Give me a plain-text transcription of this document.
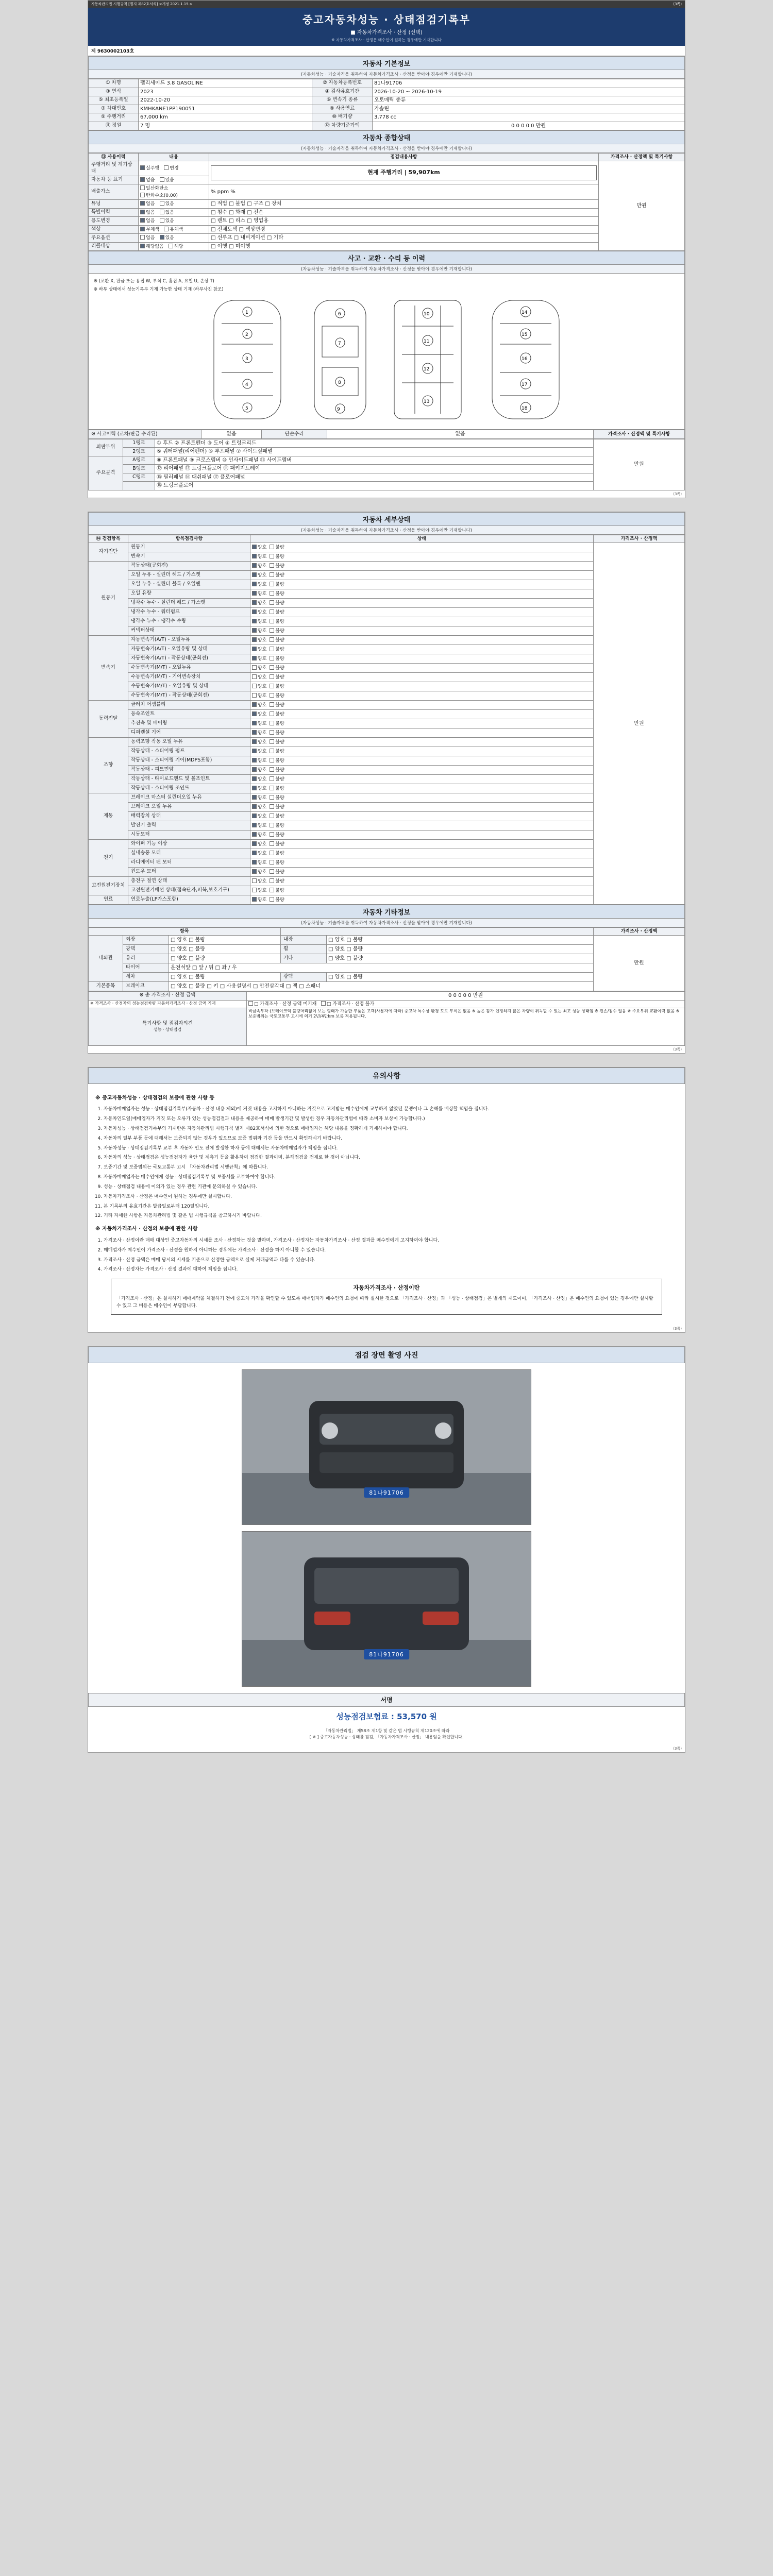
자동차관리법 시행규칙 [별지 제82호서식] <개정 2021.1.15.>	(3쪽)
중고자동차성능 · 상태점검기록부
■ 자동차가격조사 · 산정 (선택)
※ 자동차가격조사 · 산정은 매수인이 원하는 경우에만 기재합니다
제 9630002103호
자동차 기본정보
(자동차성능 · 기술자격을 취득하여 자동차가격조사 · 산정을 받아야 경우에만 기재합니다)
① 차명	팰리세이드 3.8 GASOLINE	② 자동차등록번호	81나91706
③ 연식	2023	④ 검사유효기간	2026-10-20 ~ 2026-10-19
⑤ 최초등록일	2022-10-20	⑥ 변속기 종류	오토매틱 종류
⑦ 차대번호	KMHKANE1PP190051	⑧ 사용연료	가솔린
⑨ 주행거리	67,000 km	⑩ 배기량	3,778 cc
⑪ 정원	7 명	⑫ 차량기준가액	0 0 0 0 0 만원
자동차 종합상태
(자동차성능 · 기술자격을 취득하여 자동차가격조사 · 산정을 받아야 경우에만 기재합니다)
⑬ 사용이력	내용	점검내용사항	가격조사 · 산정액 및 특기사항
주행거리 및 계기상태	실주행 변경	현재 주행거리 | 59,907km	만원
자동차 등 표기	없음 있음		
배출가스	일산화탄소 탄화수소(0.00)	% ppm %	
튜닝	없음 있음	□ 적법 □ 불법 □ 구조 □ 장치	
특별이력	없음 있음	□ 침수 □ 화재 □ 전손	
용도변경	없음 있음	□ 렌트 □ 리스 □ 영업용	
색상	무채색 유채색	□ 전체도색 □ 색상변경	
주요옵션	없음 있음	□ 선루프 □ 내비게이션 □ 기타	
리콜대상	해당없음 해당	□ 이행 □ 미이행	
사고 · 교환 · 수리 등 이력
(자동차성능 · 기술자격을 취득하여 자동차가격조사 · 산정을 받아야 경우에만 기재합니다)
※ (교환 X, 판금 또는 용접 W, 부식 C, 흠집 A, 요철 U, 손상 T)
※ 하부 상태에서 성능기록부 기재 가능한 상태 기재 (하부사진 참조)
1
2
3
4
5
6
7
8
9
10
11
12
13
14
15
16
17
18
※ 사고이력 (교차/판금 수리된)	없음	단순수리	없음	가격조사 · 산정액 및 특기사항
외판부위	1랭크	① 후드 ② 프론트펜더 ③ 도어 ④ 트렁크리드	만원
	2랭크	⑤ 쿼터패널(리어펜더) ⑥ 루프패널 ⑦ 사이드실패널	
주요골격	A랭크	⑧ 프론트패널 ⑨ 크로스멤버 ⑩ 인사이드패널 ⑪ 사이드멤버	
	B랭크	⑫ 리어패널 ⑬ 트렁크플로어 ⑭ 패키지트레이	
	C랭크	⑮ 필러패널 ⑯ 대쉬패널 ⑰ 플로어패널	
		⑱ 트렁크플로어	
(3쪽)
자동차 세부상태
(자동차성능 · 기술자격을 취득하여 자동차가격조사 · 산정을 받아야 경우에만 기재합니다)
⑭ 검검항목	항목점검사항	상태	가격조사 · 산정액
자기진단	원동기	양호 불량	만원
	변속기	양호 불량	
원동기	작동상태(공회전)	양호 불량	
	오일 누유 - 실린더 헤드 / 가스켓	양호 불량	
	오일 누유 - 실린더 블록 / 오일팬	양호 불량	
	오일 유량	양호 불량	
	냉각수 누수 - 실린더 헤드 / 가스켓	양호 불량	
	냉각수 누수 - 워터펌프	양호 불량	
	냉각수 누수 - 냉각수 수량	양호 불량	
	커넥터상태	양호 불량	
변속기	자동변속기(A/T) - 오일누유	양호 불량	
	자동변속기(A/T) - 오일유량 및 상태	양호 불량	
	자동변속기(A/T) - 작동상태(공회전)	양호 불량	
	수동변속기(M/T) - 오일누유	양호 불량	
	수동변속기(M/T) - 기어변속장치	양호 불량	
	수동변속기(M/T) - 오일유량 및 상태	양호 불량	
	수동변속기(M/T) - 작동상태(공회전)	양호 불량	
동력전달	클러치 어셈블리	양호 불량	
	등속조인트	양호 불량	
	추진축 및 베어링	양호 불량	
	디퍼렌셜 기어	양호 불량	
조향	동력조향 작동 오일 누유	양호 불량	
	작동상태 - 스티어링 펌프	양호 불량	
	작동상태 - 스티어링 기어(MDPS포함)	양호 불량	
	작동상태 - 피트먼암	양호 불량	
	작동상태 - 타이로드엔드 및 볼조인트	양호 불량	
	작동상태 - 스티어링 조인트	양호 불량	
제동	브레이크 마스터 실린더오일 누유	양호 불량	
	브레이크 오일 누유	양호 불량	
	배력장치 상태	양호 불량	
	발진기 출력	양호 불량	
	시동모터	양호 불량	
전기	와이퍼 기능 이상	양호 불량	
	실내송풍 모터	양호 불량	
	라디에이터 팬 모터	양호 불량	
	윈도우 모터	양호 불량	
고전원전기장치	충전구 절연 상태	양호 불량	
	고전원전기배선 상태(접속단자,피복,보호기구)	양호 불량	
연료	연료누출(LP가스포함)	양호 불량	
자동차 기타정보
(자동차성능 · 기술자격을 취득하여 자동차가격조사 · 산정을 받아야 경우에만 기재합니다)
항목					가격조사 · 산정액
내외관	외장	□ 양호 □ 불량	내장	□ 양호 □ 불량	만원
	광택	□ 양호 □ 불량	휠	□ 양호 □ 불량	
	유리	□ 양호 □ 불량	기타	□ 양호 □ 불량	
	타이어	운전석앞 □ 앞 / 뒤 □ 좌 / 우			
	세차	□ 양호 □ 불량	광택	□ 양호 □ 불량	
기본품목	브레이크	□ 양호 □ 불량 □ 키 □ 사용설명서 □ 안전삼각대 □ 잭 □ 스패너			
※ 총 가격조사 · 산정 금액	0 0 0 0 0 만원
※ 가격조사 · 산정자의 성능점검차량 자동차가격조사 · 산정 금액 기재	□ 가격조사 · 산정 금액 미기재 □ 가격조사 · 산정 불가

특기사항 및 점검자의견
성능 · 상태점검	비금속부착 (브레이크액 불량처리없이 보는 형태가 가능한 부품은 고객(사용자에 따라) 중고차 특수상 환경 도로 부식은 없음 ※ 높은 감가 인정하지 않은 차량이 취득할 수 있는 최고 성능 상태임 ※ 전손/침수 없음 ※ 주요부위 교환이력 없음 ※ 보증범위는 국토교통부 고시에 의거 2년/4만km 보증 적용됩니다.
(3쪽)
유의사항
※ 중고자동차성능 · 상태점검의 보증에 관한 사항 등
1. 자동차매매업자는 성능 · 상태점검기록부(자동차 · 산정 내용 제외)에 거짓 내용을 고지하지 아니하는 거것으로 고지받는 매수인에게 교부하지 않았던 분쟁이나 그 손해를 배상할 책임을 집니다.
2. 자동차인도일(매매업자가 거짓 또는 오류가 있는 성능점검결과 내용을 제공하여 매매 발생기간 및 발생한 경우 자동차관리법에 따라 소비자 보상이 가능합니다.)
3. 자동차성능 · 상태점검기록부의 기재란은 자동차관리법 시행규칙 별지 제82호서식에 의한 것으로 매매업자는 해당 내용을 정확하게 기재하여야 합니다.
4. 자동차의 일부 부품 등에 대해서는 보증되지 않는 경우가 있으므로 보증 범위와 기간 등을 반드시 확인하시기 바랍니다.
5. 자동차성능 · 상태점검기록부 교부 후 자동차 인도 전에 발생한 하자 등에 대해서는 자동차매매업자가 책임을 집니다.
6. 자동차의 성능 · 상태점검은 성능점검자가 육안 및 계측기 등을 활용하여 점검한 결과이며, 분해점검을 전제로 한 것이 아닙니다.
7. 보증기간 및 보증범위는 국토교통부 고시 「자동차관리법 시행규칙」에 따릅니다.
8. 자동차매매업자는 매수인에게 성능 · 상태점검기록부 및 보증서를 교부하여야 합니다.
9. 성능 · 상태점검 내용에 이의가 있는 경우 관련 기관에 문의하실 수 있습니다.
10. 자동차가격조사 · 산정은 매수인이 원하는 경우에만 실시합니다.
11. 본 기록부의 유효기간은 발급일로부터 120일입니다.
12. 기타 자세한 사항은 자동차관리법 및 같은 법 시행규칙을 참고하시기 바랍니다.
※ 자동차가격조사 · 산정의 보증에 관한 사항
1. 가격조사 · 산정이란 매매 대상인 중고자동차의 시세를 조사 · 산정하는 것을 말하며, 가격조사 · 산정자는 자동차가격조사 · 산정 결과를 매수인에게 고지하여야 합니다.
2. 매매업자가 매수인이 가격조사 · 산정을 원하지 아니하는 경우에는 가격조사 · 산정을 하지 아니할 수 있습니다.
3. 가격조사 · 산정 금액은 매매 당시의 시세를 기준으로 산정한 금액으로 실제 거래금액과 다를 수 있습니다.
4. 가격조사 · 산정자는 가격조사 · 산정 결과에 대하여 책임을 집니다.
자동차가격조사 · 산정이란
「가격조사 · 산정」은 실시하기 매매계약을 체결하기 전에 중고차 가격을 확인할 수 있도록 매매업자가 매수인의 요청에 따라 실시한 것으로 「가격조사 · 산정」과 「성능 · 상태점검」은 별개의 제도이며, 「가격조사 · 산정」은 매수인의 요청이 있는 경우에만 실시할 수 있고 그 비용은 매수인이 부담합니다.
(3쪽)
점검 장면 촬영 사진
81나91706
81나91706
서명
성능점검보험료 : 53,570 원
「자동차관리법」 제58조 제1항 및 같은 법 시행규칙 제120조에 따라
[ ※ ] 중고자동차성능 · 상태를 점검, 「자동차가격조사 · 산정」 내용임을 확인합니다.
(3쪽)
